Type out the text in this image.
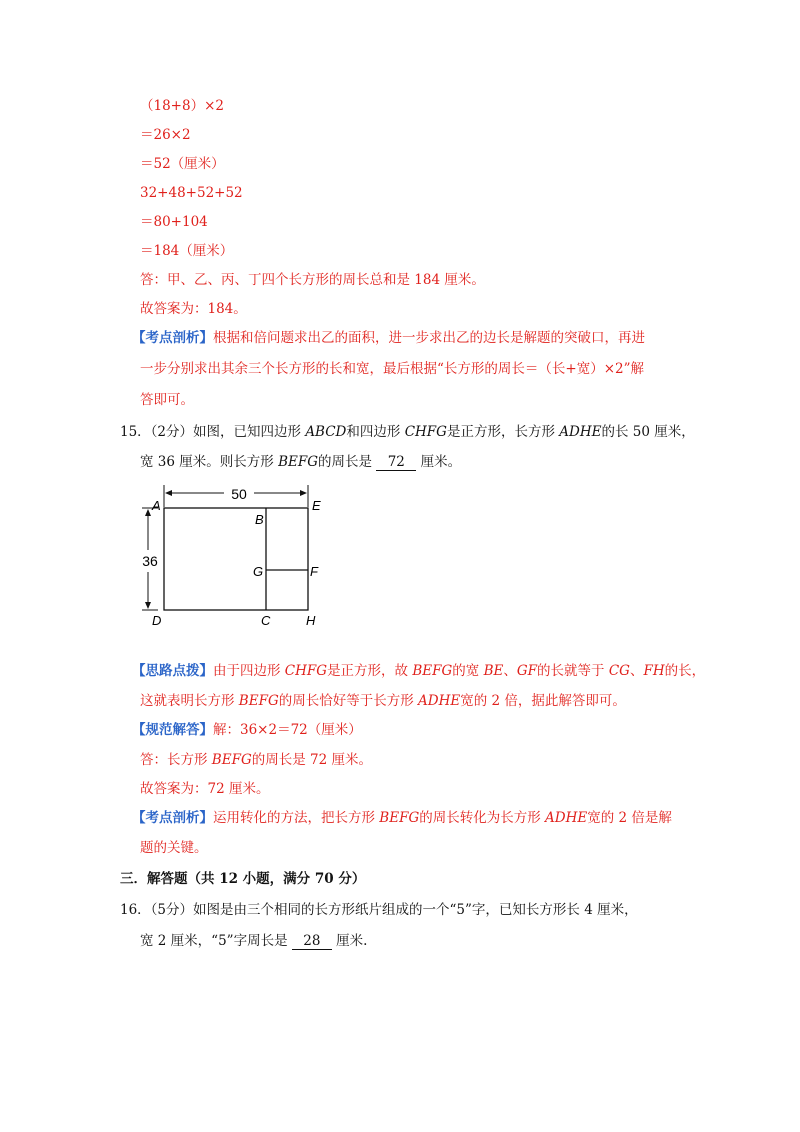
（18+8）×2
＝26×2
＝52（厘米）
32+48+52+52
＝80+104
＝184（厘米）
答：甲、乙、丙、丁四个长方形的周长总和是 184 厘米。
故答案为：184。
【考点剖析】根据和倍问题求出乙的面积，进一步求出乙的边长是解题的突破口，再进
一步分别求出其余三个长方形的长和宽，最后根据“长方形的周长＝（长+宽）×2”解
答即可。
15．（2分）如图，已知四边形 ABCD和四边形 CHFG是正方形，长方形 ADHE的长 50 厘米，
宽 36 厘米。则长方形 BEFG的周长是 72 厘米。
50
36
A
B
E
G	F
D	C	H
【思路点拨】由于四边形 CHFG是正方形，故 BEFG的宽 BE、GF的长就等于 CG、FH的长，
这就表明长方形 BEFG的周长恰好等于长方形 ADHE宽的 2 倍，据此解答即可。
【规范解答】解：36×2＝72（厘米）
答：长方形 BEFG的周长是 72 厘米。
故答案为：72 厘米。
【考点剖析】运用转化的方法，把长方形 BEFG的周长转化为长方形 ADHE宽的 2 倍是解
题的关键。
三．解答题（共 12 小题，满分 70 分）
16．（5分）如图是由三个相同的长方形纸片组成的一个“5”字，已知长方形长 4 厘米，
宽 2 厘米，“5”字周长是 28 厘米.
